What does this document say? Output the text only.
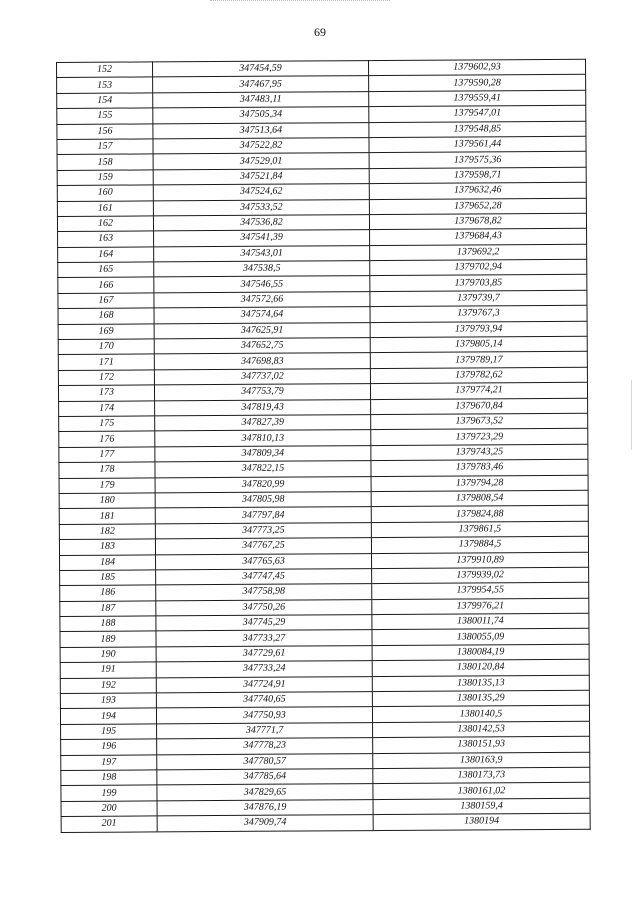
69
152	347454,59	1379602,93
153	347467,95	1379590,28
154	347483,11	1379559,41
155	347505,34	1379547,01
156	347513,64	1379548,85
157	347522,82	1379561,44
158	347529,01	1379575,36
159	347521,84	1379598,71
160	347524,62	1379632,46
161	347533,52	1379652,28
162	347536,82	1379678,82
163	347541,39	1379684,43
164	347543,01	1379692,2
165	347538,5	1379702,94
166	347546,55	1379703,85
167	347572,66	1379739,7
168	347574,64	1379767,3
169	347625,91	1379793,94
170	347652,75	1379805,14
171	347698,83	1379789,17
172	347737,02	1379782,62
173	347753,79	1379774,21
174	347819,43	1379670,84
175	347827,39	1379673,52
176	347810,13	1379723,29
177	347809,34	1379743,25
178	347822,15	1379783,46
179	347820,99	1379794,28
180	347805,98	1379808,54
181	347797,84	1379824,88
182	347773,25	1379861,5
183	347767,25	1379884,5
184	347765,63	1379910,89
185	347747,45	1379939,02
186	347758,98	1379954,55
187	347750,26	1379976,21
188	347745,29	1380011,74
189	347733,27	1380055,09
190	347729,61	1380084,19
191	347733,24	1380120,84
192	347724,91	1380135,13
193	347740,65	1380135,29
194	347750,93	1380140,5
195	347771,7	1380142,53
196	347778,23	1380151,93
197	347780,57	1380163,9
198	347785,64	1380173,73
199	347829,65	1380161,02
200	347876,19	1380159,4
201	347909,74	1380194
